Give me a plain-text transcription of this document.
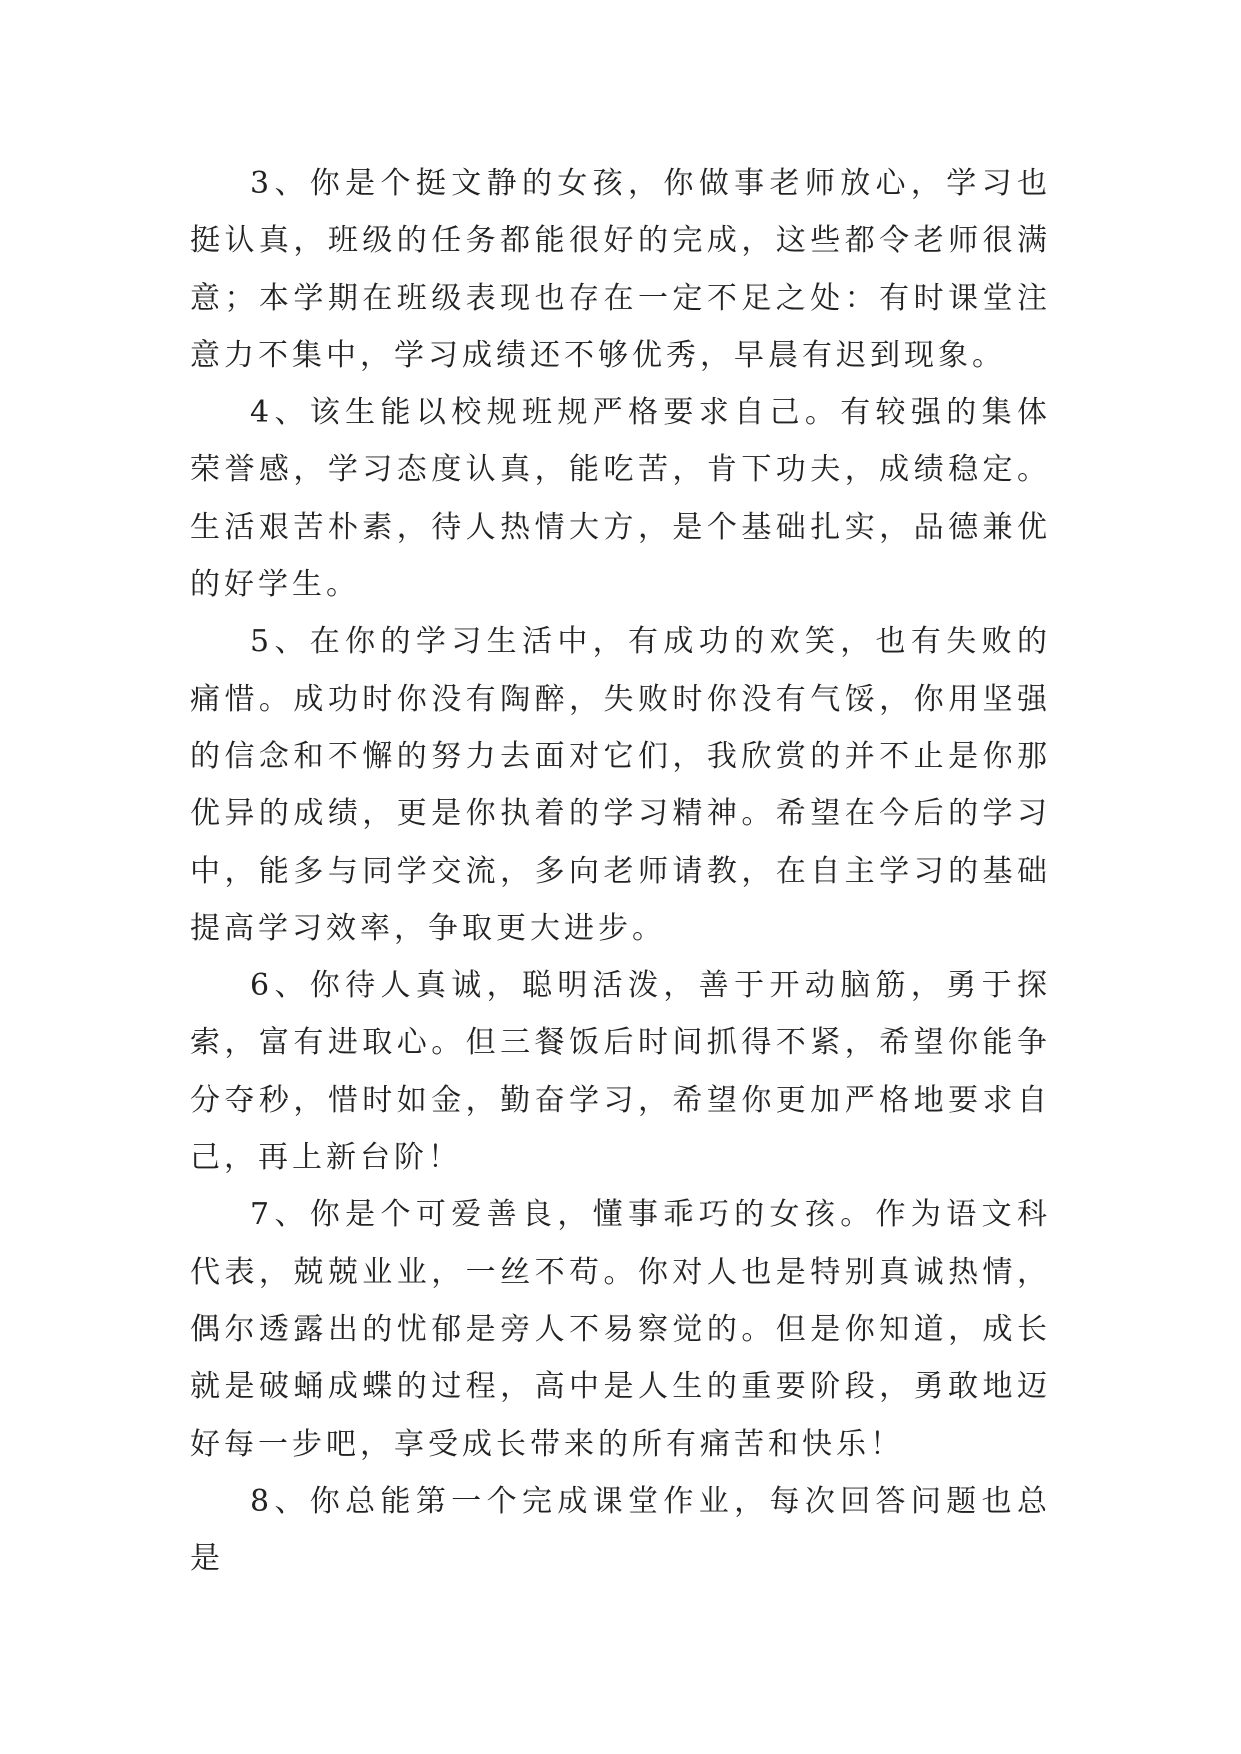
3、你是个挺文静的女孩，你做事老师放心，学习也挺认真，班级的任务都能很好的完成，这些都令老师很满意；本学期在班级表现也存在一定不足之处：有时课堂注意力不集中，学习成绩还不够优秀，早晨有迟到现象。

4、该生能以校规班规严格要求自己。有较强的集体荣誉感，学习态度认真，能吃苦，肯下功夫，成绩稳定。生活艰苦朴素，待人热情大方，是个基础扎实，品德兼优的好学生。

5、在你的学习生活中，有成功的欢笑，也有失败的痛惜。成功时你没有陶醉，失败时你没有气馁，你用坚强的信念和不懈的努力去面对它们，我欣赏的并不止是你那优异的成绩，更是你执着的学习精神。希望在今后的学习中，能多与同学交流，多向老师请教，在自主学习的基础提高学习效率，争取更大进步。

6、你待人真诚，聪明活泼，善于开动脑筋，勇于探索，富有进取心。但三餐饭后时间抓得不紧，希望你能争分夺秒，惜时如金，勤奋学习，希望你更加严格地要求自己，再上新台阶！

7、你是个可爱善良，懂事乖巧的女孩。作为语文科代表，兢兢业业，一丝不苟。你对人也是特别真诚热情，偶尔透露出的忧郁是旁人不易察觉的。但是你知道，成长就是破蛹成蝶的过程，高中是人生的重要阶段，勇敢地迈好每一步吧，享受成长带来的所有痛苦和快乐！

8、你总能第一个完成课堂作业，每次回答问题也总是
